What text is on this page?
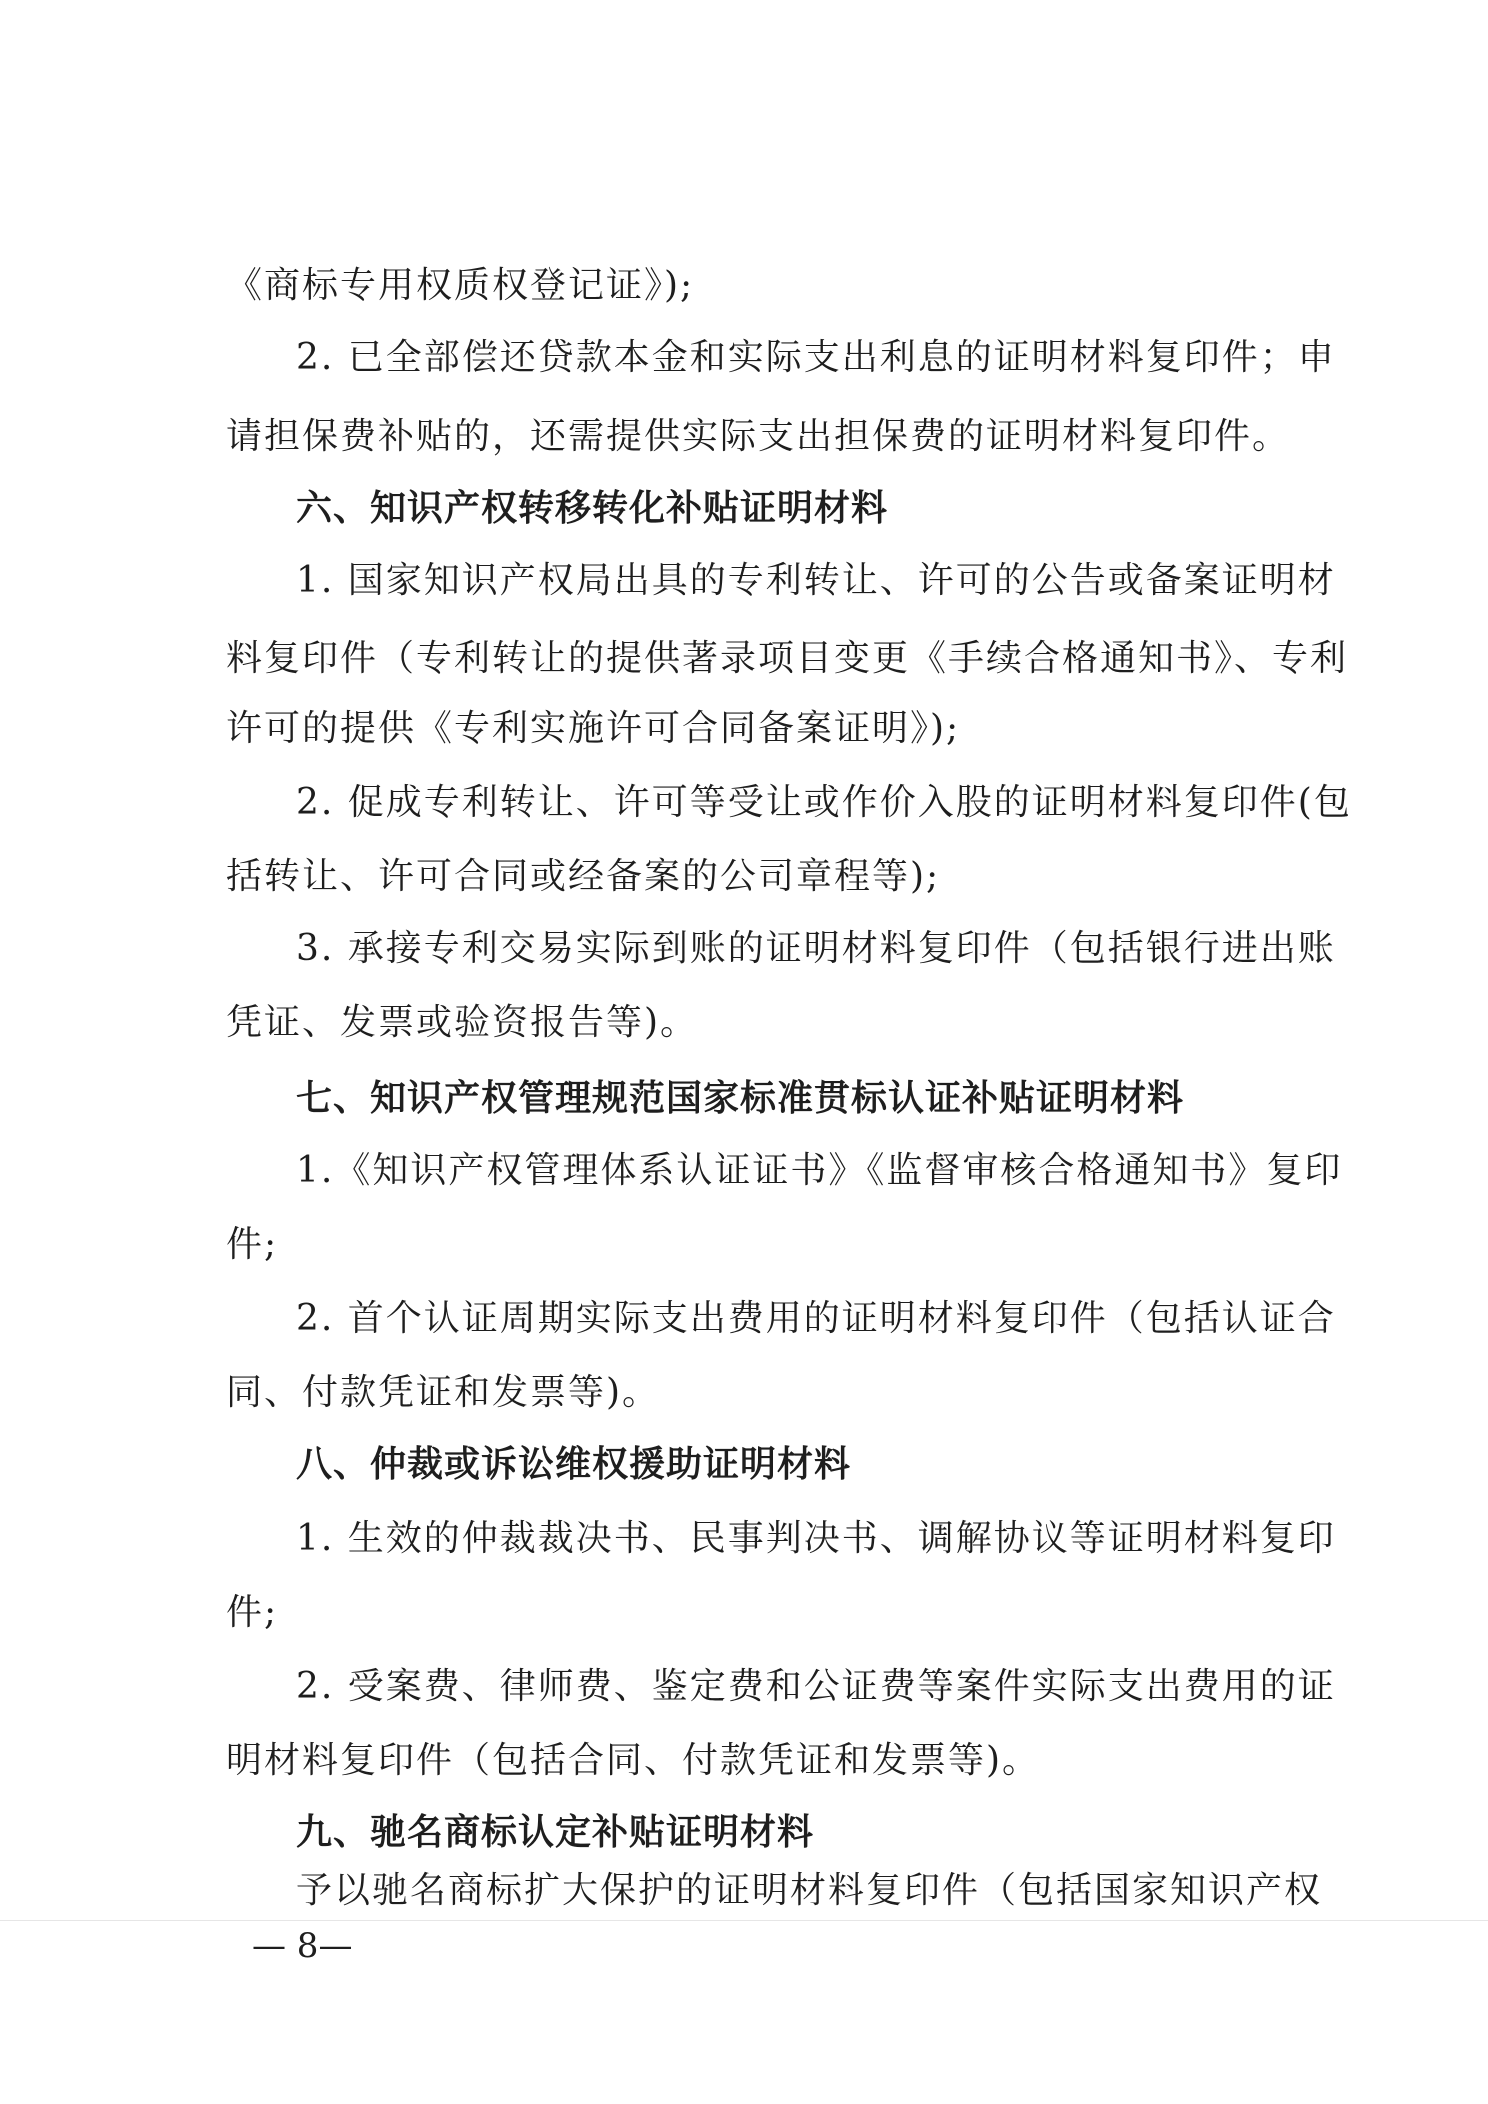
《商标专用权质权登记证》);
2. 已全部偿还贷款本金和实际支出利息的证明材料复印件；申
请担保费补贴的，还需提供实际支出担保费的证明材料复印件。
六、知识产权转移转化补贴证明材料
1. 国家知识产权局出具的专利转让、许可的公告或备案证明材
料复印件（专利转让的提供著录项目变更《手续合格通知书》、专利
许可的提供《专利实施许可合同备案证明》);
2. 促成专利转让、许可等受让或作价入股的证明材料复印件(包
括转让、许可合同或经备案的公司章程等);
3. 承接专利交易实际到账的证明材料复印件（包括银行进出账
凭证、发票或验资报告等)。
七、知识产权管理规范国家标准贯标认证补贴证明材料
1.《知识产权管理体系认证证书》《监督审核合格通知书》复印
件;
2. 首个认证周期实际支出费用的证明材料复印件（包括认证合
同、付款凭证和发票等)。
八、仲裁或诉讼维权援助证明材料
1. 生效的仲裁裁决书、民事判决书、调解协议等证明材料复印
件;
2. 受案费、律师费、鉴定费和公证费等案件实际支出费用的证
明材料复印件（包括合同、付款凭证和发票等)。
九、驰名商标认定补贴证明材料
予以驰名商标扩大保护的证明材料复印件（包括国家知识产权
— 8—
